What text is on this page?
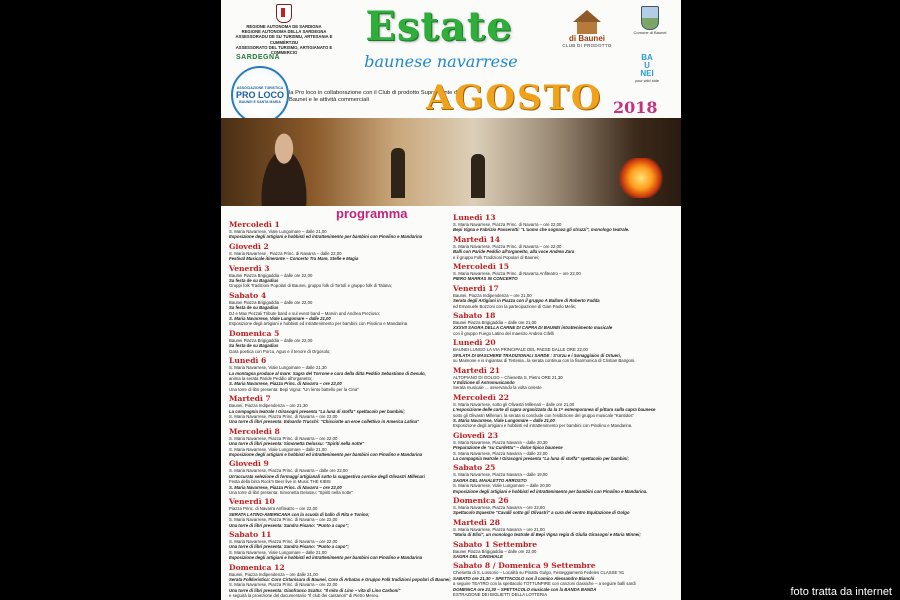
REGIONE AUTONOMA DE SARDIGNA
REGIONE AUTONOMA DELLA SARDEGNA
ASSESSORADU DE SU TURISMU, ARTESANIA E CUMMÈRTZIU
ASSESSORATO DEL TURISMO, ARTIGIANATO E COMMERCIO
Estate
baunese navarrese
SARDEGNA
ASSOCIAZIONE TURISTICA
PRO LOCO
BAUNEI E SANTA MARIA
la Pro loco in collaborazione con il Club di prodotto Supramonte di Baunei e le attività commerciali	AGOSTO 2018
di Baunei
CLUB DI PRODOTTO
Comune di Baunei
BA
U
NEI
your wild side
programma
Mercoledì 1
S. Maria Navarrese, Viale Lungomare – dalle 21,00
Esposizione degli artigiani e hobbisti ed intrattenimento per bambini con Pinolino e Mandarina
Giovedì 2
S. Maria Navarrese , Piazza Princ. di Navarra – dalle 22,00
Festival Musicale itinerante – Concerto Tra Mare, Stelle e Magia
Venerdì 3
Baunei Piazza Brigigaddia – dalle ore 22,00
Sa festa de su Bagadius
Gruppi folk Tradizioni Popolari di Baunei, gruppo folk di Tortolì e gruppo folk di Talana;
Sabato 4
Baunei Piazza Brigigaddia – dalle ore 22,00
Sa festa de su Bagadius
DJ e Max Pezzali Tribute band e sul event band – Marvin and Andrea Prezioso;
S. Maria Navarrese, Viale Lungomare – dalle 21,00
Esposizione degli artigiani e hobbisti ed intrattenimento per bambini con Pinolino e Mandarina
Domenica 5
Baunei Piazza Brigigaddia – dalle ore 22,00
Sa festa de su Bagadius
Gara poetica con Porcu, Agus e il tenore di Orgosolo;
Lunedì 6
S. Maria Navarrese, Viale Lungomare – dalle 21,30
La montagna produce al mare: Sagra del Torrone e cura della ditta Peddio Sebastiano di Desulo,
anima la serata Paride Peddio all'organetto;
S. Maria Navarrese, Piazza Princ. di Navarra – ore 22,00
Una torre di libri presenta: Bepi Vigna: "Un lento battello per la Cina"
Martedì 7
Baunei, Piazza Indipendenza – ore 21,30
La compagnia teatrale I Girasogni presenta "La luna di stoffa" spettacolo per bambini;
S. Maria Navarrese, Piazza Princ. di Navarra – ore 22,00
Una torre di libri presenta: Edoardo Trucchi: "Chisciotte un eroe collettivo in America Latina"
Mercoledì 8
S. Maria Navarrese, Piazza Princ. di Navarra – ore 22,00
Una torre di libri presenta: Simonetta Delussu: "Spiriti nella notte"
S. Maria Navarrese, Viale Lungomare – dalle 21,00
Esposizione degli artigiani e hobbisti ed intrattenimento per bambini con Pinolino e Mandarina
Giovedì 9
S. Maria Navarrese, Piazza Princ. di Navarra – dalle ore 22,00
Un'accurata selezione di formaggi artigianali sotto la suggestiva cornice degli Olivastri Millenari
Festa della birra Rock'n Beer live in Music THE KIBIS
S. Maria Navarrese, Piazza Princ. di Navarra – ore 22,00
Una torre di libri presenta: Simonetta Delussu: "Spiriti nella notte"
Venerdì 10
Piazza Princ. di Navarra Anfiteatro – ore 22,00
SERATA LATINO-AMERICANA con la scuola di ballo di Rita e Tonino;
S. Maria Navarrese, Piazza Princ. di Navarra – ore 22,00
Una torre di libri presenta: Sandra Pisano: "Punto a capo";
Sabato 11
S. Maria Navarrese, Piazza Princ. di Navarra – ore 22,00
Una torre di libri presenta: Sandra Pisano: "Punto a capo";
S. Maria Navarrese, Viale Lungomare – dalle 21,00
Esposizione degli artigiani e hobbisti ed intrattenimento per bambini con Pinolino e Mandarina
Domenica 12
Baunei, Piazza Indipendenza – ore dalle 21,00
Serata Folkloristica: Coro Cirtanisura di Baunei, Coro di Arbatax e Gruppo Folk tradizioni popolari di Baunei;
S. Maria Navarrese, Piazza Princ. di Navarra – ore 22,00
Una torre di libri presenta: Gianfranco Scattu: "Il mito di Lino – vita di Lino Carboni"
e seguirà la proiezione del documentario "Il club dei cantanori" di Pietro Mereu.
Lunedì 13
S. Maria Navarrese, Piazza Princ. di Navarra – ore 22,00
Bepi Vigna e Fabrizio Passerotti: "L'uomo che sognava gli struzzi", monologo teatrale.
Martedì 14
S. Maria Navarrese, Piazza Princ. di Navarra – ore 22,00
Balli con Paride Peddio all'organetto, alla voce Andrea Zara
e il gruppo Folk Tradizioni Popolari di Baunei;
Mercoledì 15
S. Maria Navarrese, Piazza Princ. di Navarra Anfiteatro – ore 22,00
PIERO MARRAS IN CONCERTO
Venerdì 17
Baunei, Piazza Indipendenza – ore 21,00
Serata degli Artigiani in Piazza con il gruppo A Ballare di Roberto Fadda
ed Emanuele Bozzoni con la partecipazione di Gian Paolo Melis;
Sabato 18
Baunei Piazza Brigigaddia – dalle ore 21,00
XXXVII SAGRA DELLA CARNE DI CAPRA DI BAUNEI intrattenimento musicale
con il gruppo Fuego Latino del maestro Andrea Cifelli
Lunedì 20
BAUNEI LUNGO LA VIA PRINCIPALE DEL PAESE DALLE ORE 22,00
SFILATA DI MASCHERE TRADIZIONALI SARDE : S'Urzu e i Sonaggiaios di Ortueri,
su Maimone e is ingiantas di Tertenia...la serata continua con la fisarmonica di Cristian Bangoni.
Martedì 21
ALTOPIANO DI GOLGO – Chiesetta S. Pietro ORE 21,30
V Edizione di Astromusicando
Serata musicale ... osservando la volta celeste
Mercoledì 22
S. Maria Navarrese, sotto gli Olivastri Millenari – dalle ore 21,00
L'esposizione delle carte di capra organizzata da la 1^ estemporanea di pittura sulla capra baunese
sotto gli Olivastri Millenari, la serata si conclude con l'esibizione del gruppo musicale "Kantidos"
S. Maria Navarrese, Viale Lungomare – dalle 21,00
Esposizione degli artigiani e hobbisti ed intrattenimento per bambini con Pinolino e Mandarina.
Giovedì 23
S. Maria Navarrese, Piazza Navarra – dalle 20,30
Preparazione de "su Cunfettu" – dolce tipico baunese
S. Maria Navarrese, Piazza Navarra – dalle 22,00
La compagnia teatrale I Girasogni presenta "La luna di stoffa" spettacolo per bambini;
Sabato 25
S. Maria Navarrese, Piazza Navarra – dalle 19,00
SAGRA DEL MAIALETTO ARROSTO
S. Maria Navarrese, Viale Lungomare – dalle 20,00
Esposizione degli artigiani e hobbisti ed intrattenimento per bambini con Pinolino e Mandarina.
Domenica 26
S. Maria Navarrese, Piazza Navarra – ore 22,00
Spettacolo Equestre "Cavalli sotto gli Olivastri" a cura del centro Equitazione di Golgo
Martedì 28
S. Maria Navarrese, Piazza Navarra – ore 21,00
"Maria di Elisi", un monologo teatrale di Bepi Vigna regia di Giulia Girasogni e Maria Minnei;
Sabato 1 Settembre
Baunei Piazza Brigigaddia – dalle ore 22,00
SAGRA DEL CINGHIALE
Sabato 8 / Domenica 9 Settembre
Chiesetta di S. Lussorio – Località su Pinattu Golgo, Festeggiamenti Fedeles CLASSE '81
SABATO ore 21,30 – SPETTACOLO con il comico Alessandro Bianchi
a seguire TEATRO con la spettacolo TOTTUNPIRE con canzoni classiche – a seguire balli sardi
DOMENICA ore 21,30 – SPETTACOLO musicale con la BANDA BANDA
ESTRAZIONE DEI BIGLIETTI DELLA LOTTERIA	foto tratta da internet
